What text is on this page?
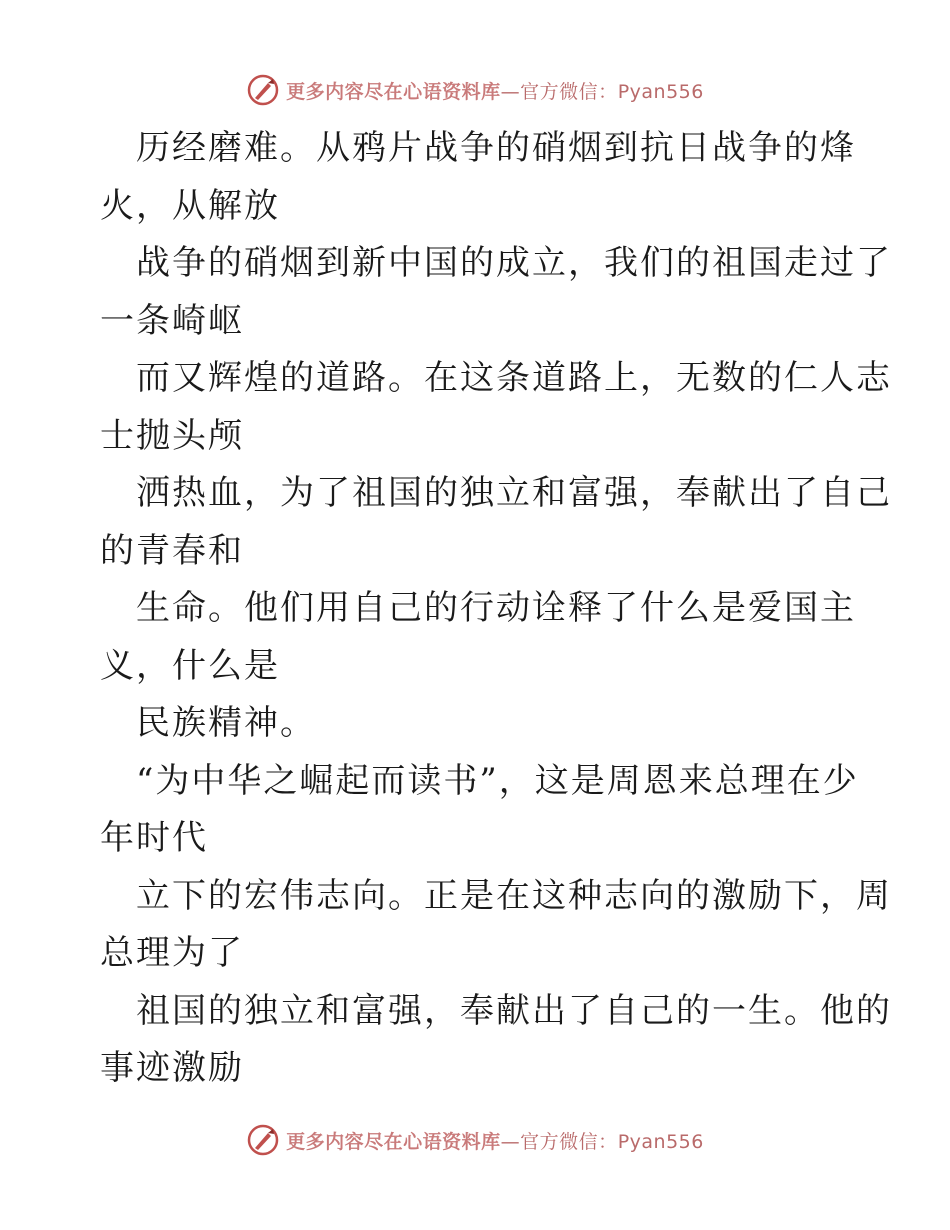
更多内容尽在心语资料库—官方微信：Pyan556
历经磨难。从鸦片战争的硝烟到抗日战争的烽
火，从解放
战争的硝烟到新中国的成立，我们的祖国走过了
一条崎岖
而又辉煌的道路。在这条道路上，无数的仁人志
士抛头颅
洒热血，为了祖国的独立和富强，奉献出了自己
的青春和
生命。他们用自己的行动诠释了什么是爱国主
义，什么是
民族精神。
“为中华之崛起而读书”，这是周恩来总理在少
年时代
立下的宏伟志向。正是在这种志向的激励下，周
总理为了
祖国的独立和富强，奉献出了自己的一生。他的
事迹激励
更多内容尽在心语资料库—官方微信：Pyan556
